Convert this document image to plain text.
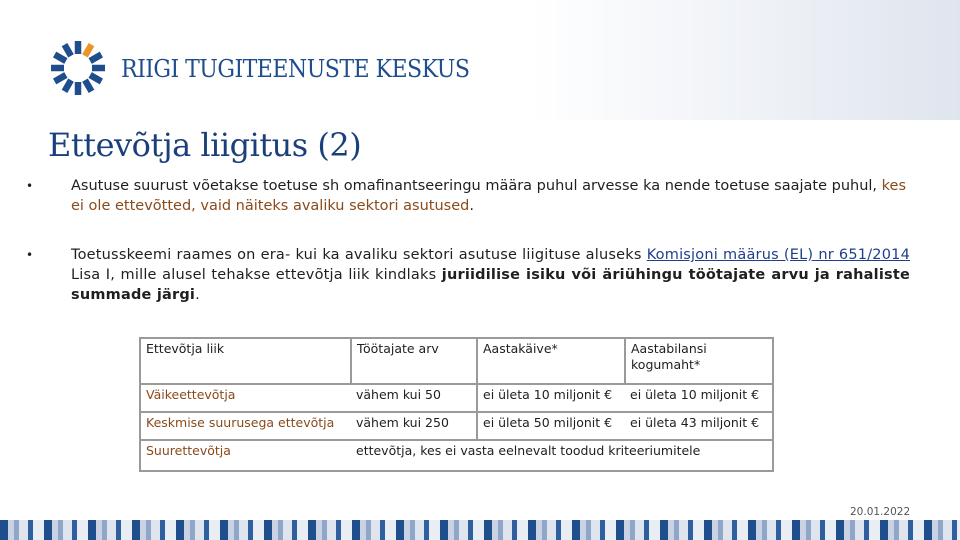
RIIGI TUGITEENUSTE KESKUS
Ettevõtja liigitus (2)
•	Asutuse suurust võetakse toetuse sh omafinantseeringu määra puhul arvesse ka nende toetuse saajate puhul, kes ei ole ettevõtted, vaid näiteks avaliku sektori asutused.
•	Toetusskeemi raames on era- kui ka avaliku sektori asutuse liigituse aluseks Komisjoni määrus (EL) nr 651/2014 Lisa I, mille alusel tehakse ettevõtja liik kindlaks juriidilise isiku või äriühingu töötajate arvu ja rahaliste summade järgi.
Ettevõtja liik	Töötajate arv	Aastakäive*	Aastabilansi kogumaht*
Väikeettevõtja	vähem kui 50	ei ületa 10 miljonit €	ei ületa 10 miljonit €
Keskmise suurusega ettevõtja	vähem kui 250	ei ületa 50 miljonit €	ei ületa 43 miljonit €
Suurettevõtja	ettevõtja, kes ei vasta eelnevalt toodud kriteeriumitele		
20.01.2022
